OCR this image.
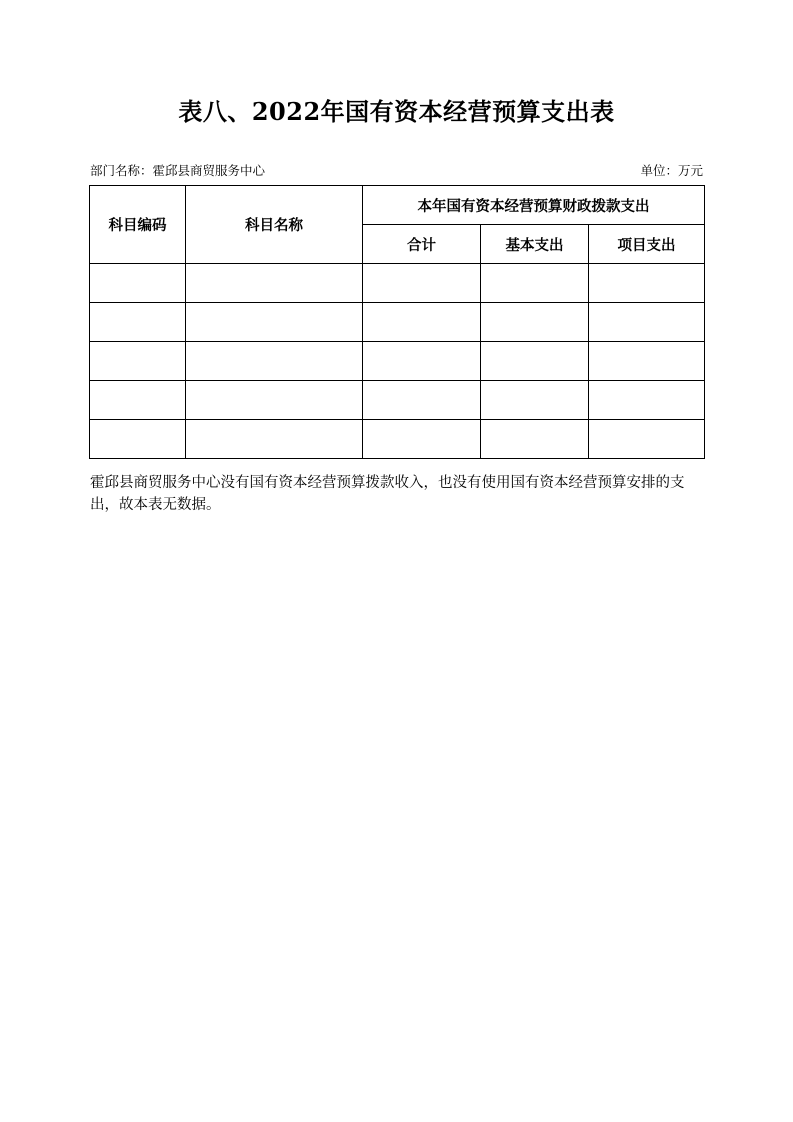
表八、2022年国有资本经营预算支出表
部门名称：霍邱县商贸服务中心	单位：万元
科目编码	科目名称	本年国有资本经营预算财政拨款支出		
		合计	基本支出	项目支出

霍邱县商贸服务中心没有国有资本经营预算拨款收入，也没有使用国有资本经营预算安排的支出，故本表无数据。
